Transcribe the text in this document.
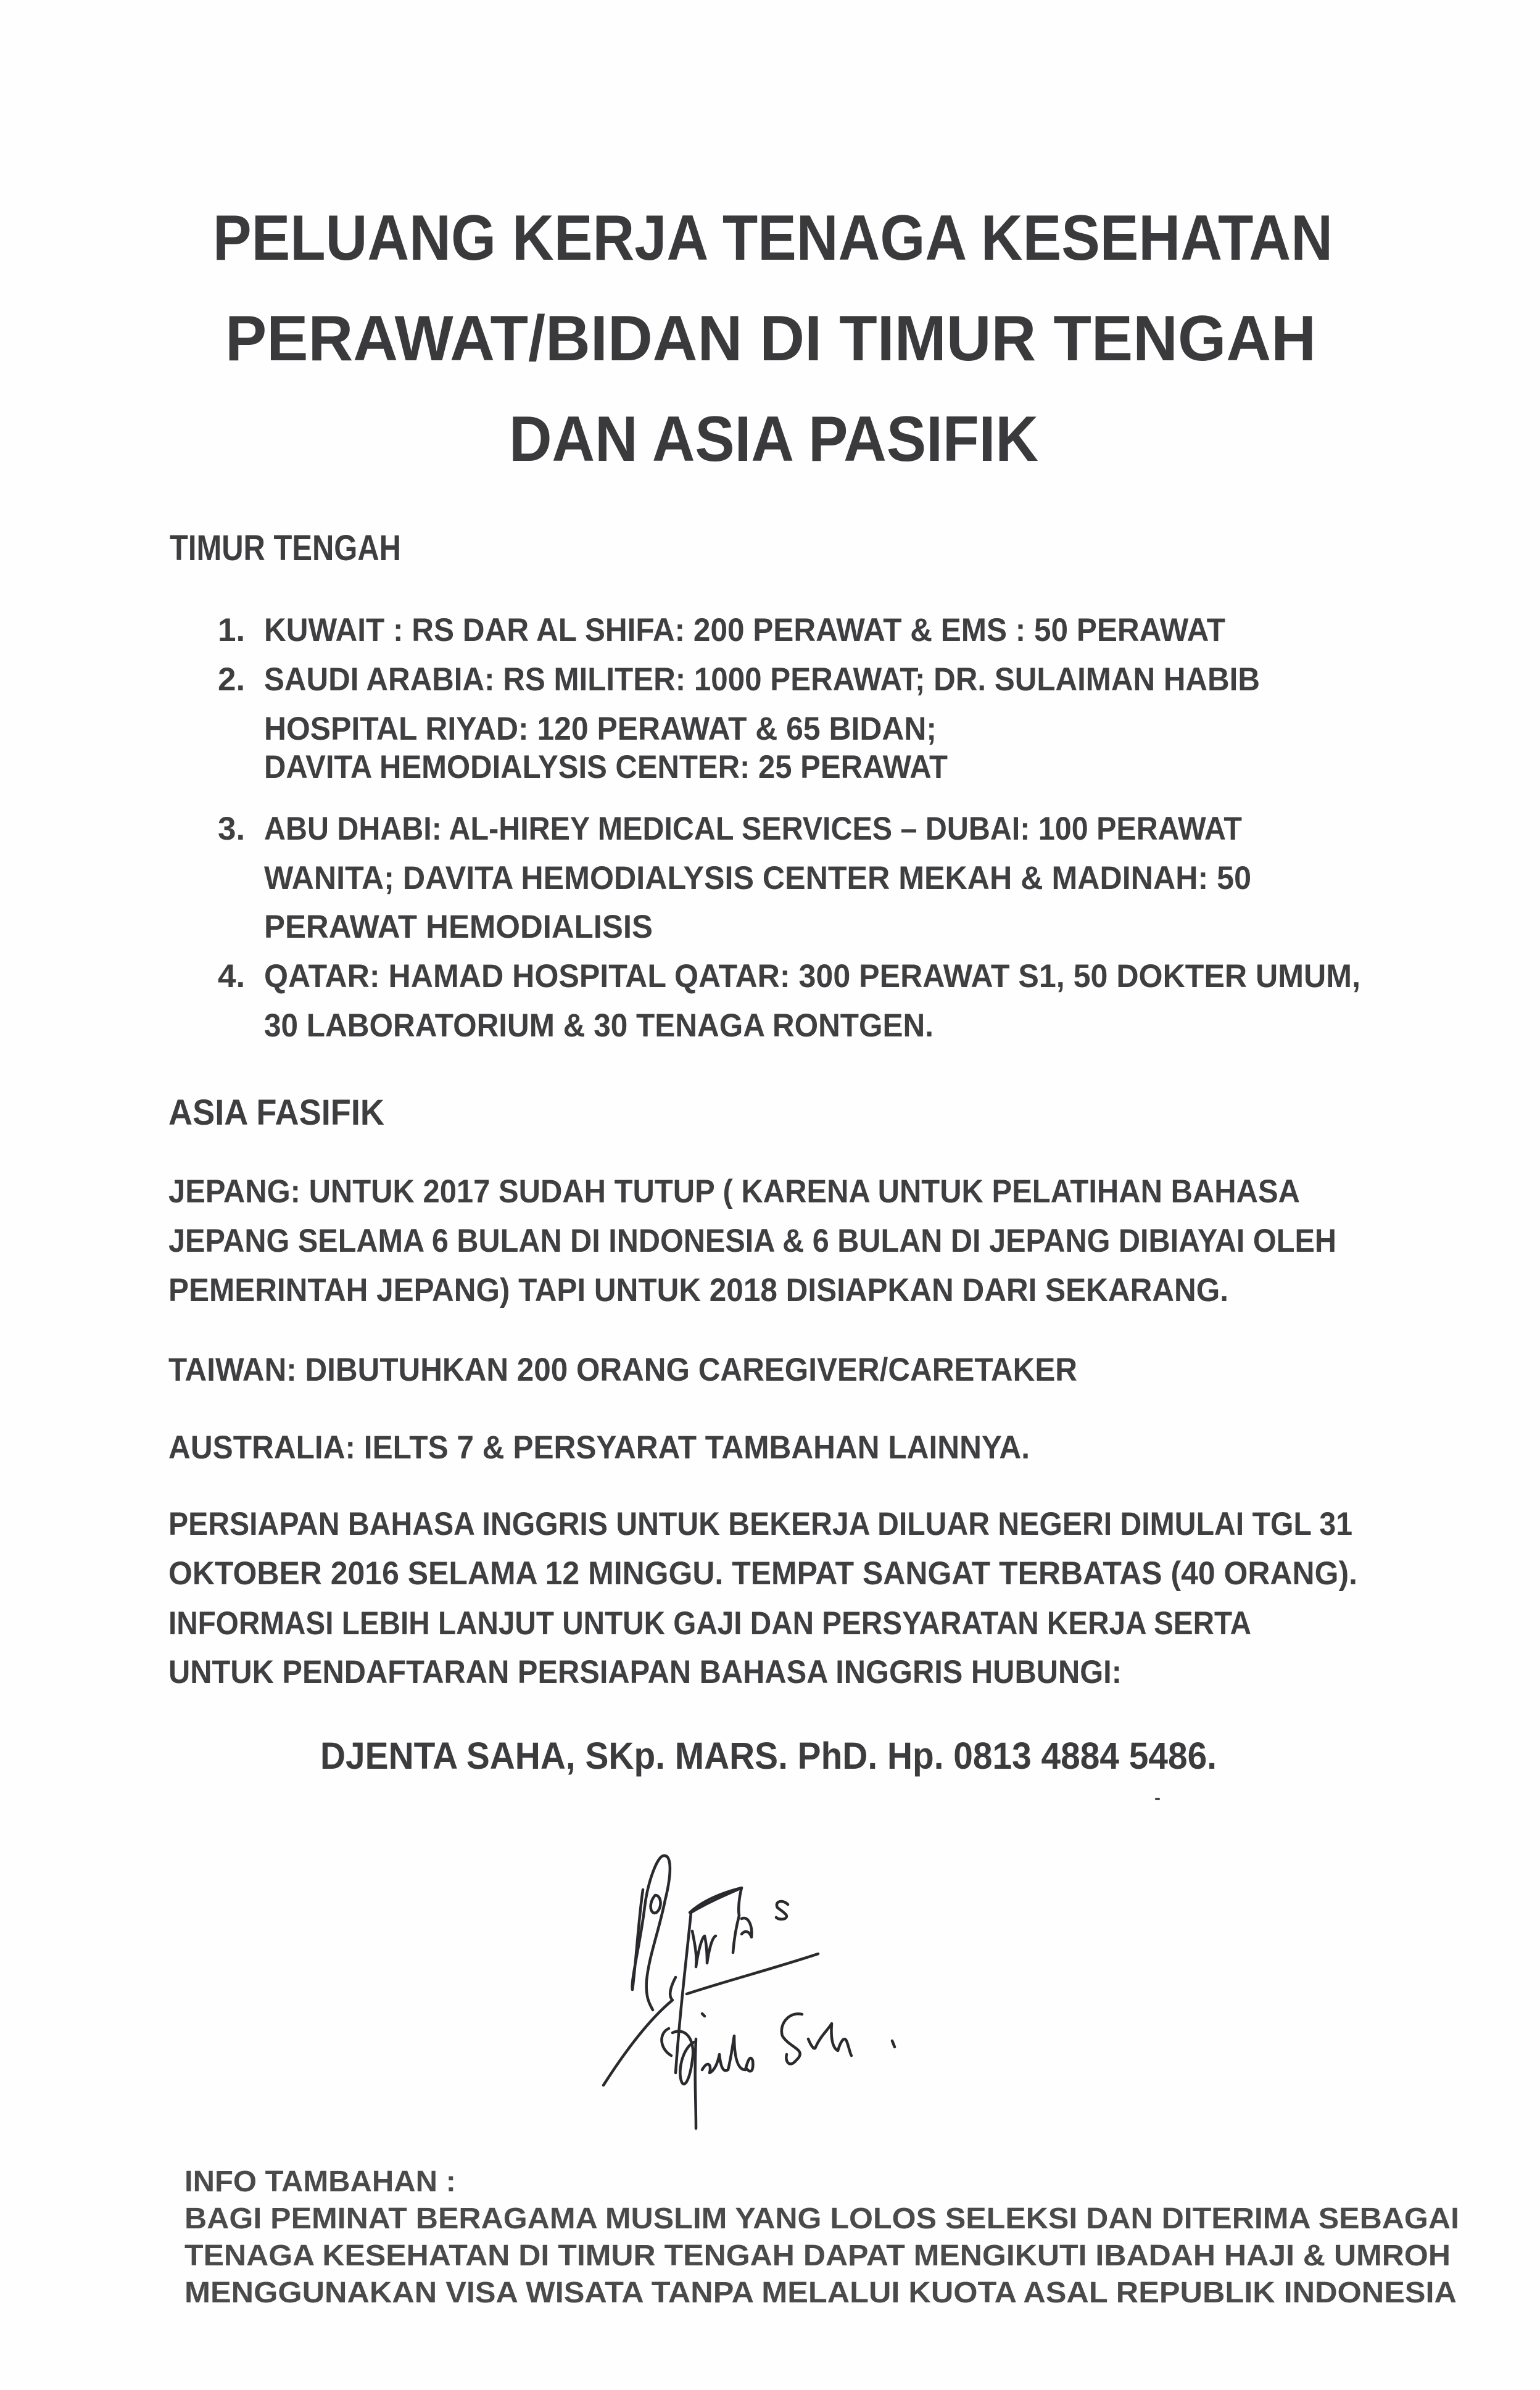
PELUANG KERJA TENAGA KESEHATAN
PERAWAT/BIDAN DI TIMUR TENGAH
DAN ASIA PASIFIK
TIMUR TENGAH
1. KUWAIT : RS DAR AL SHIFA: 200 PERAWAT & EMS : 50 PERAWAT
2. SAUDI ARABIA: RS MILITER: 1000 PERAWAT; DR. SULAIMAN HABIB
HOSPITAL RIYAD: 120 PERAWAT & 65 BIDAN;
DAVITA HEMODIALYSIS CENTER: 25 PERAWAT
3. ABU DHABI: AL-HIREY MEDICAL SERVICES – DUBAI: 100 PERAWAT
WANITA; DAVITA HEMODIALYSIS CENTER MEKAH & MADINAH: 50
PERAWAT HEMODIALISIS
4. QATAR: HAMAD HOSPITAL QATAR: 300 PERAWAT S1, 50 DOKTER UMUM,
30 LABORATORIUM & 30 TENAGA RONTGEN.
ASIA FASIFIK
JEPANG: UNTUK 2017 SUDAH TUTUP ( KARENA UNTUK PELATIHAN BAHASA
JEPANG SELAMA 6 BULAN DI INDONESIA & 6 BULAN DI JEPANG DIBIAYAI OLEH
PEMERINTAH JEPANG) TAPI UNTUK 2018 DISIAPKAN DARI SEKARANG.
TAIWAN: DIBUTUHKAN 200 ORANG CAREGIVER/CARETAKER
AUSTRALIA: IELTS 7 & PERSYARAT TAMBAHAN LAINNYA.
PERSIAPAN BAHASA INGGRIS UNTUK BEKERJA DILUAR NEGERI DIMULAI TGL 31
OKTOBER 2016 SELAMA 12 MINGGU. TEMPAT SANGAT TERBATAS (40 ORANG).
INFORMASI LEBIH LANJUT UNTUK GAJI DAN PERSYARATAN KERJA SERTA
UNTUK PENDAFTARAN PERSIAPAN BAHASA INGGRIS HUBUNGI:
DJENTA SAHA, SKp. MARS. PhD. Hp. 0813 4884 5486.
INFO TAMBAHAN :
BAGI PEMINAT BERAGAMA MUSLIM YANG LOLOS SELEKSI DAN DITERIMA SEBAGAI
TENAGA KESEHATAN DI TIMUR TENGAH DAPAT MENGIKUTI IBADAH HAJI & UMROH
MENGGUNAKAN VISA WISATA TANPA MELALUI KUOTA ASAL REPUBLIK INDONESIA
